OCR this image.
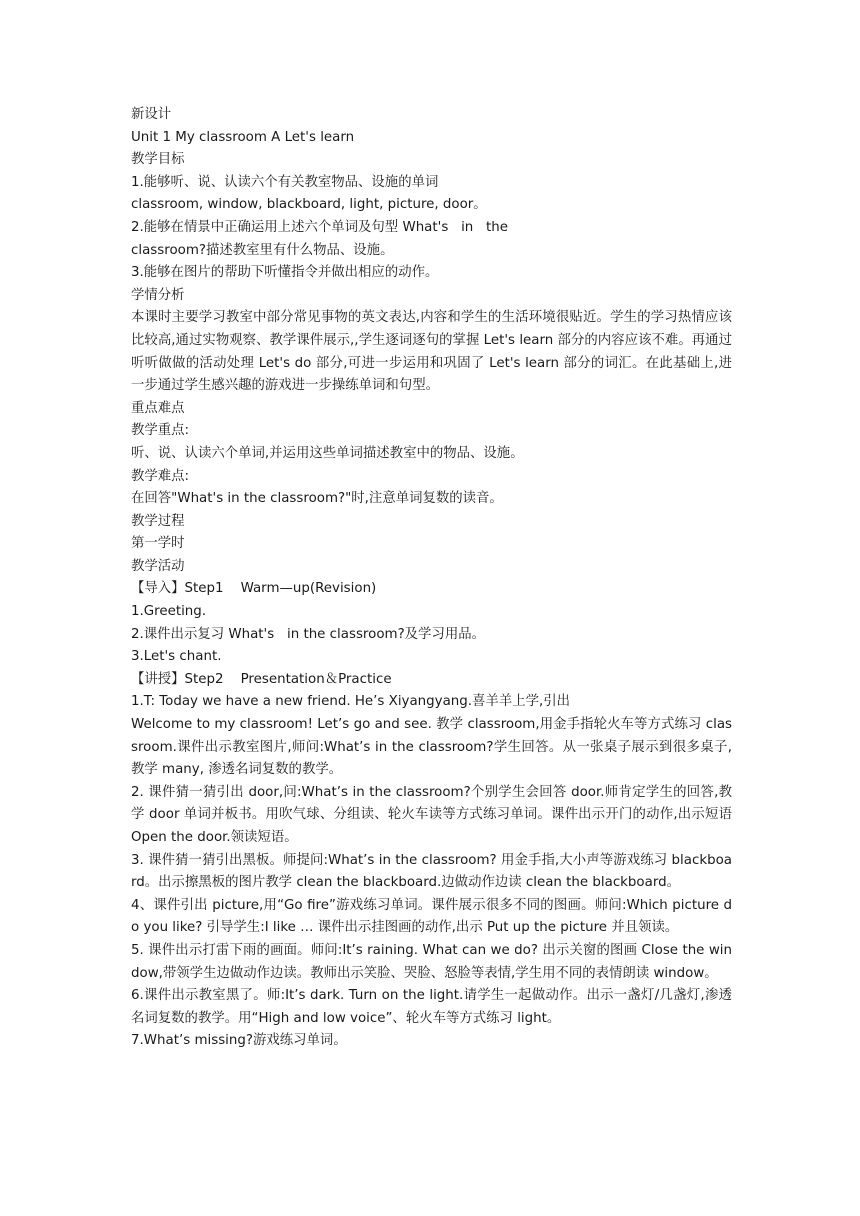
新设计

Unit 1 My classroom A Let's learn

教学目标

1.能够听、说、认读六个有关教室物品、设施的单词

classroom, window, blackboard, light, picture, door。

2.能够在情景中正确运用上述六个单词及句型 What's   in   the

classroom?描述教室里有什么物品、设施。

3.能够在图片的帮助下听懂指令并做出相应的动作。

学情分析

本课时主要学习教室中部分常见事物的英文表达,内容和学生的生活环境很贴近。学生的学习热情应该比较高,通过实物观察、教学课件展示,,学生逐词逐句的掌握 Let's learn 部分的内容应该不难。再通过听听做做的活动处理 Let's do 部分,可进一步运用和巩固了 Let's learn 部分的词汇。在此基础上,进一步通过学生感兴趣的游戏进一步操练单词和句型。

重点难点

教学重点:

听、说、认读六个单词,并运用这些单词描述教室中的物品、设施。

教学难点:

在回答"What's in the classroom?"时,注意单词复数的读音。

教学过程

第一学时

教学活动

【导入】Step1    Warm—up(Revision)

1.Greeting.

2.课件出示复习 What's   in the classroom?及学习用品。

3.Let's chant.

【讲授】Step2    Presentation＆Practice

1.T: Today we have a new friend. He’s Xiyangyang.喜羊羊上学,引出

Welcome to my classroom! Let’s go and see. 教学 classroom,用金手指轮火车等方式练习 classroom.课件出示教室图片,师问:What’s in the classroom?学生回答。从一张桌子展示到很多桌子,教学 many, 渗透名词复数的教学。

2. 课件猜一猜引出 door,问:What’s in the classroom?个别学生会回答 door.师肯定学生的回答,教学 door 单词并板书。用吹气球、分组读、轮火车读等方式练习单词。课件出示开门的动作,出示短语 Open the door.领读短语。

3. 课件猜一猜引出黑板。师提问:What’s in the classroom? 用金手指,大小声等游戏练习 blackboard。出示擦黑板的图片教学 clean the blackboard.边做动作边读 clean the blackboard。

4、课件引出 picture,用“Go fire”游戏练习单词。课件展示很多不同的图画。师问:Which picture do you like? 引导学生:I like … 课件出示挂图画的动作,出示 Put up the picture 并且领读。

5. 课件出示打雷下雨的画面。师问:It’s raining. What can we do? 出示关窗的图画 Close the window,带领学生边做动作边读。教师出示笑脸、哭脸、怒脸等表情,学生用不同的表情朗读 window。

6.课件出示教室黑了。师:It’s dark. Turn on the light.请学生一起做动作。出示一盏灯/几盏灯,渗透名词复数的教学。用“High and low voice”、轮火车等方式练习 light。

7.What’s missing?游戏练习单词。
